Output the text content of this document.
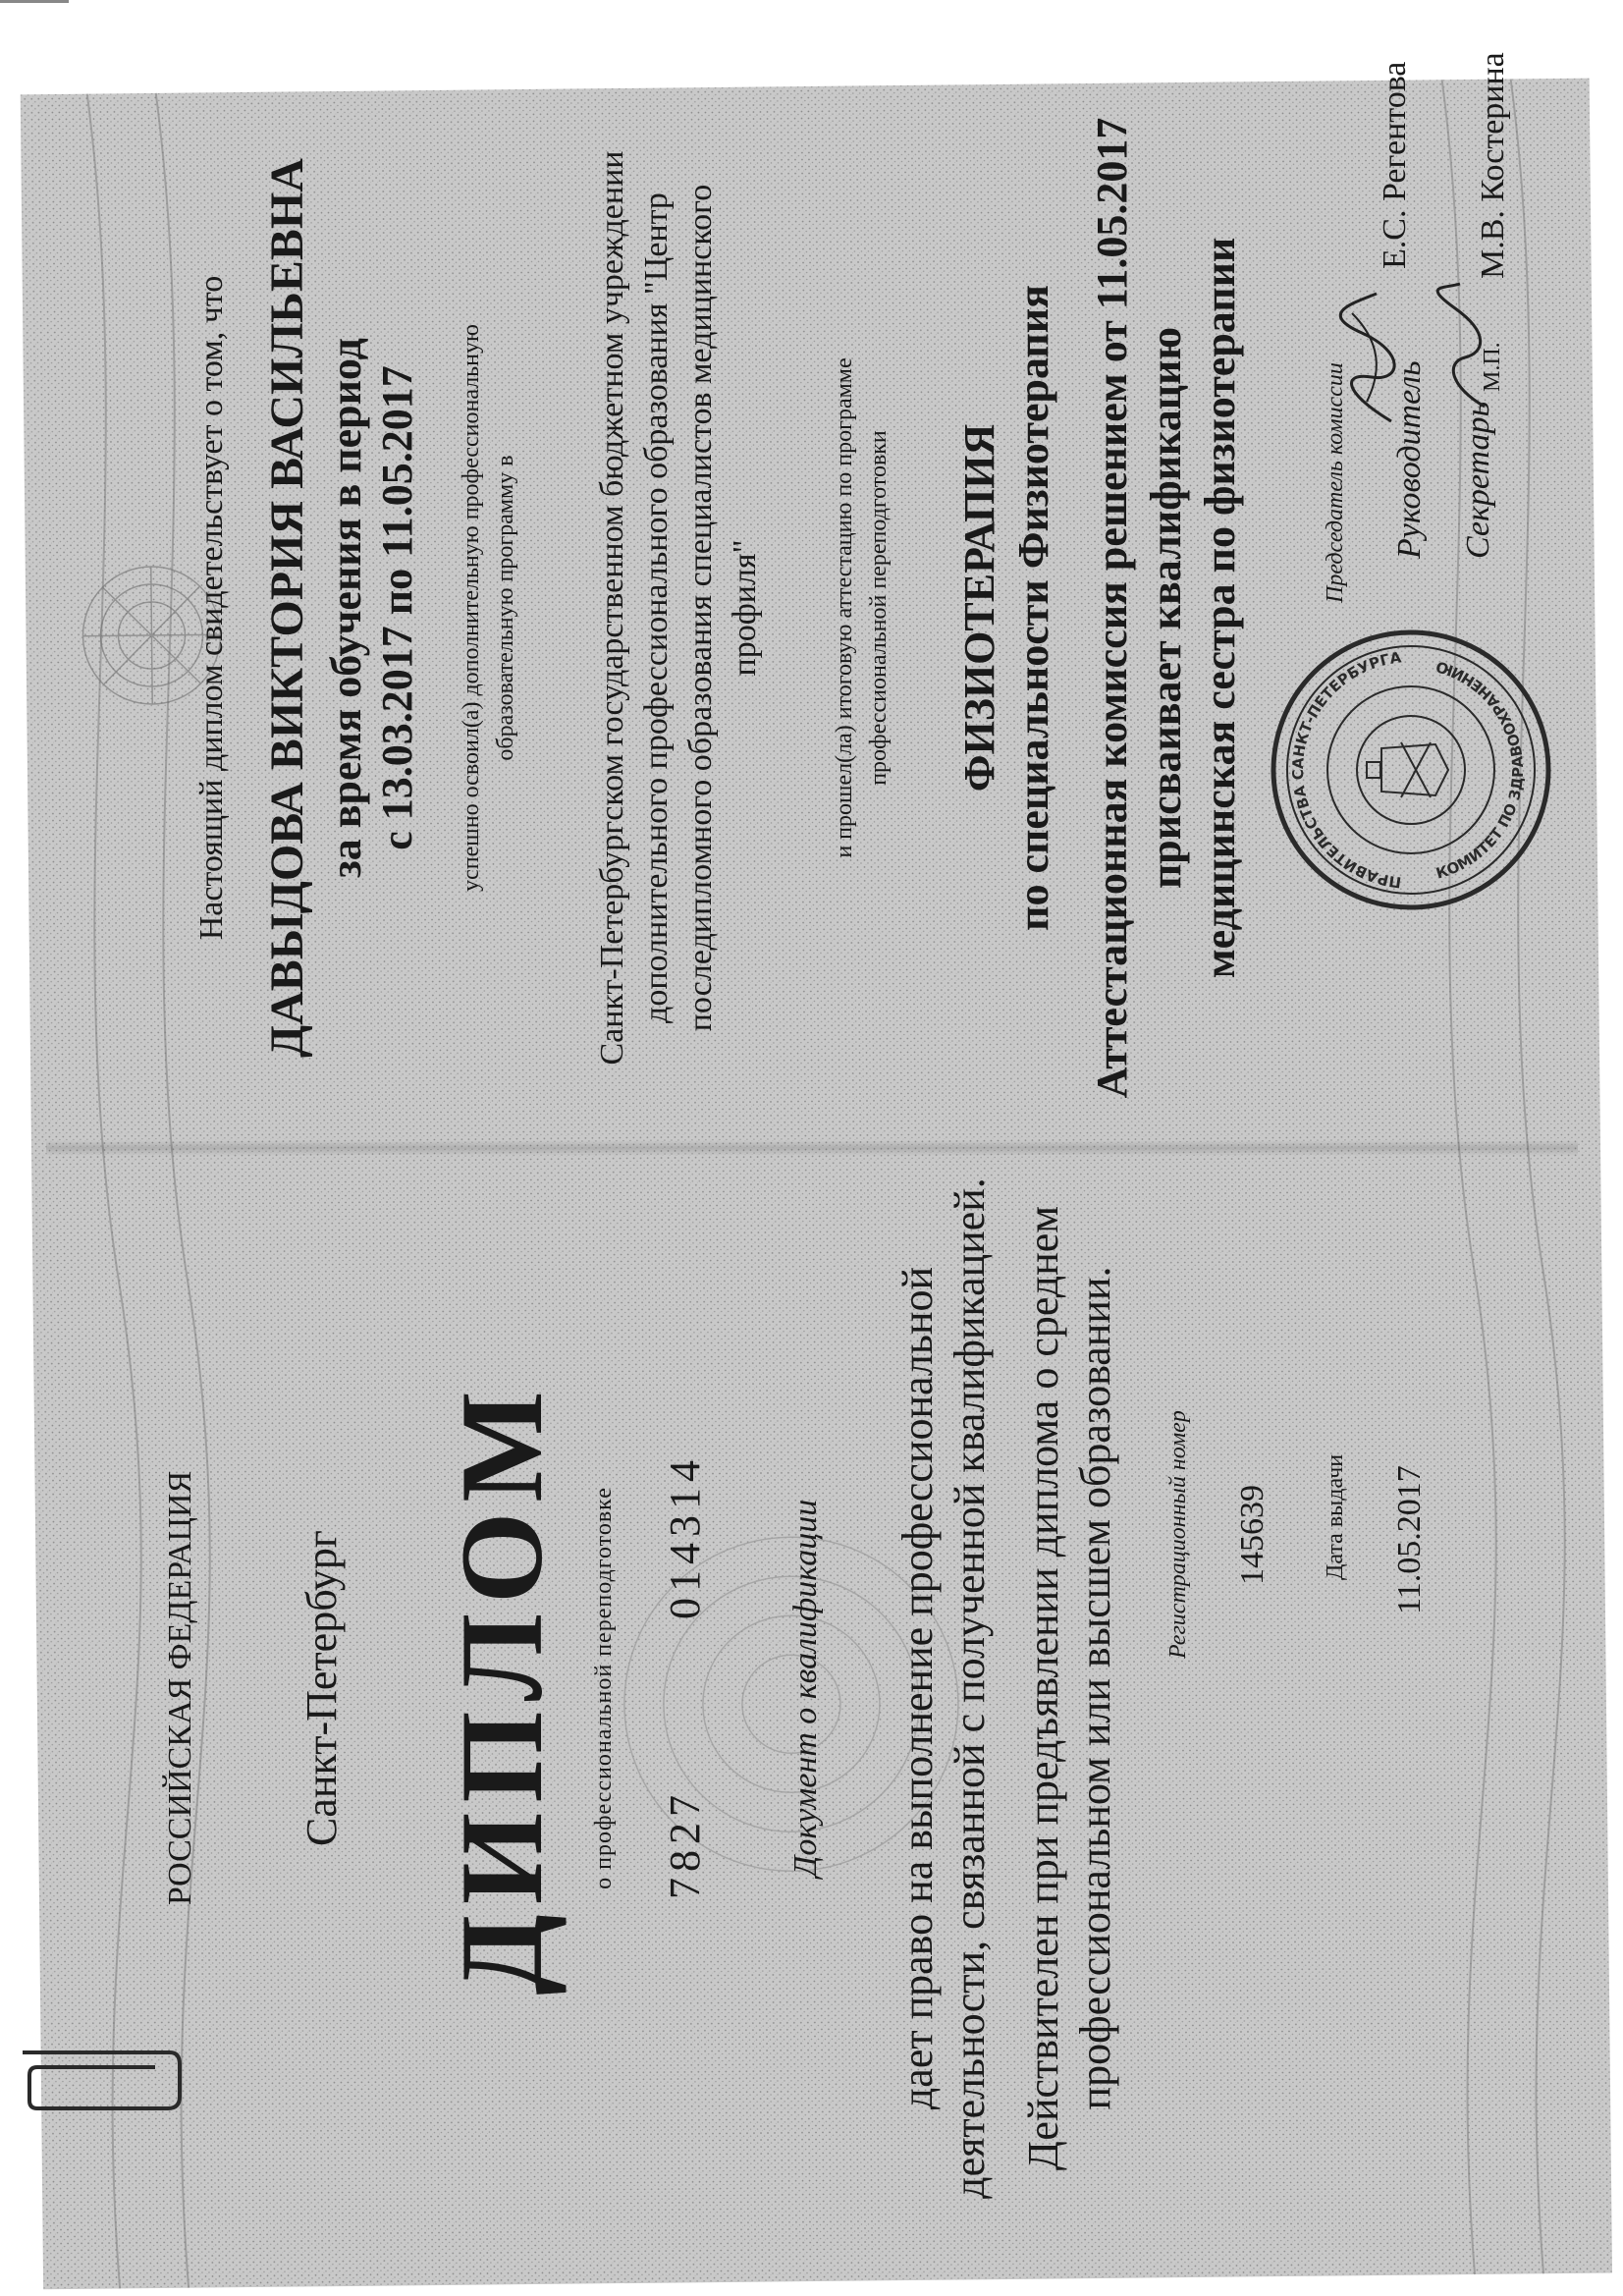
РОССИЙСКАЯ ФЕДЕРАЦИЯ Санкт-Петербург ДИПЛОМ о профессиональной переподготовке 7827
014314 Документ о квалификации дает право на выполнение профессиональной деятельности, связанной с полученной квалификацией. Действителен при предъявлении диплома о среднем профессиональном или высшем образовании. Регистрационный номер 145639 Дата выдачи 11.05.2017
Настоящий диплом свидетельствует о том, что ДАВЫДОВА ВИКТОРИЯ ВАСИЛЬЕВНА за время обучения в период с 13.03.2017 по 11.05.2017 успешно освоил(а) дополнительную профессиональную образовательную программу в Санкт-Петербургском государственном бюджетном учреждении дополнительного профессионального образования "Центр последипломного образования специалистов медицинского профиля"	и прошел(ла) итоговую аттестацию по программе профессиональной переподготовки ФИЗИОТЕРАПИЯ по специальности Физиотерапия Аттестационная комиссия решением от 11.05.2017 присваивает квалификацию медицинская сестра по физиотерапии	Председатель комиссии
Е.С. Регентова
Руководитель Секретарь
М.П.
М.В. Костерина
ПРАВИТЕЛЬСТВА САНКТ-ПЕТЕРБУРГА
КОМИТЕТ ПО ЗДРАВООХРАНЕНИЮ
